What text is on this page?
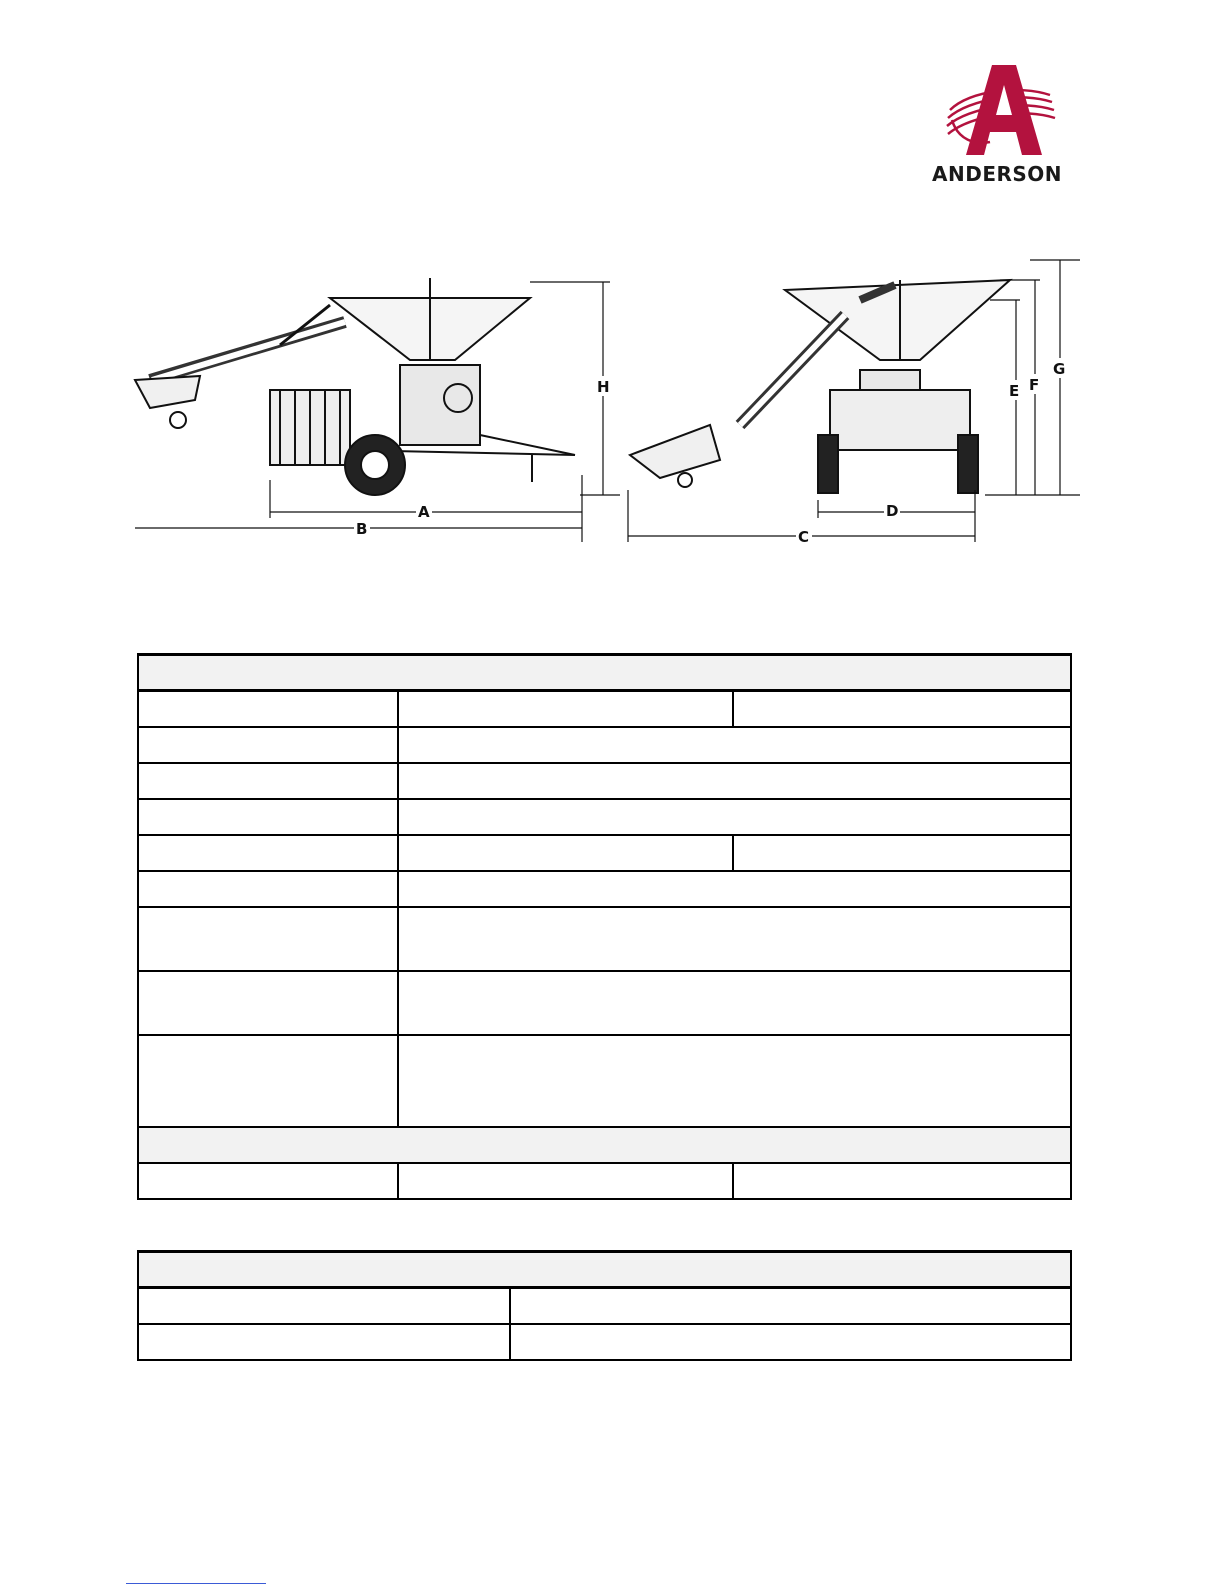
ANDERSON
H
A
B	C
D
E F
G
